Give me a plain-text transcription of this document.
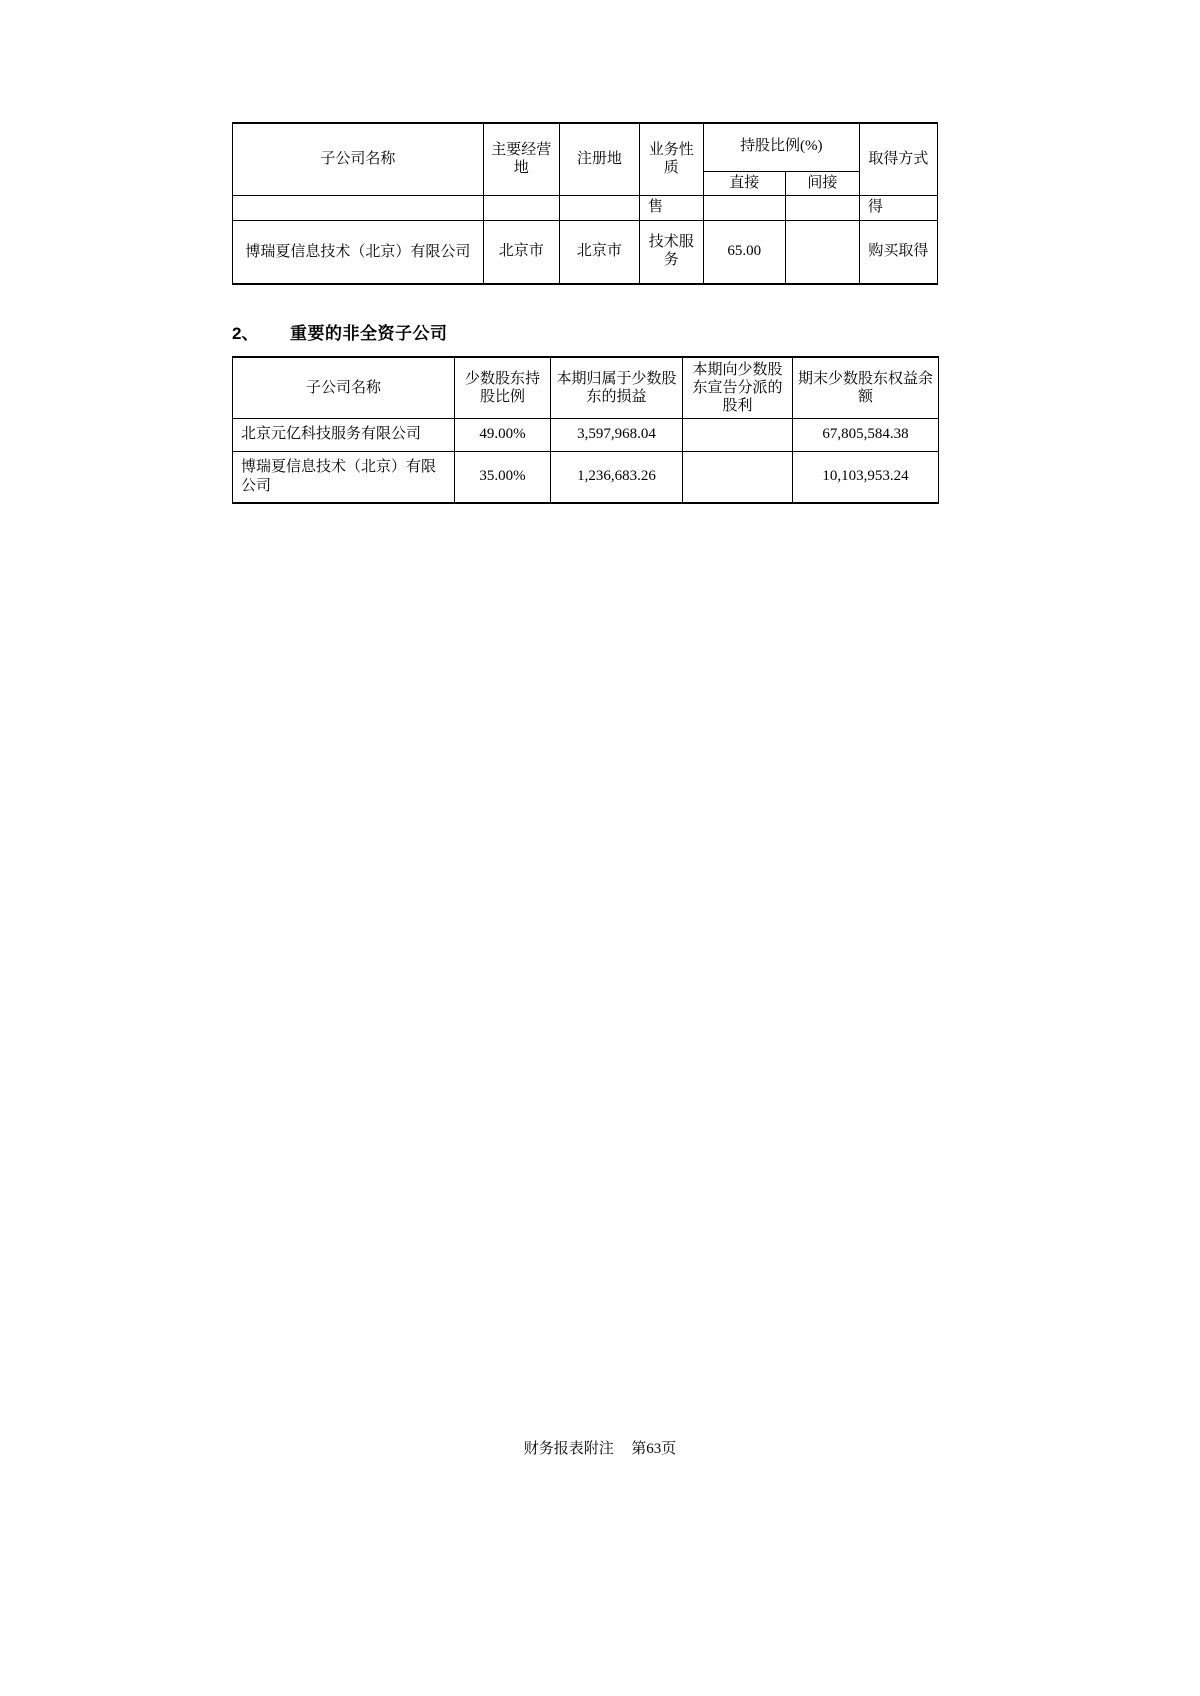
子公司名称	主要经营地	注册地	业务性质	持股比例(%)		取得方式
				直接	间接	
			售			得
博瑞夏信息技术（北京）有限公司	北京市	北京市	技术服务	65.00		购买取得
2、	重要的非全资子公司
子公司名称	少数股东持股比例	本期归属于少数股东的损益	本期向少数股东宣告分派的股利	期末少数股东权益余额
北京元亿科技服务有限公司	49.00%	3,597,968.04		67,805,584.38
博瑞夏信息技术（北京）有限公司	35.00%	1,236,683.26		10,103,953.24
财务报表附注 第63页
